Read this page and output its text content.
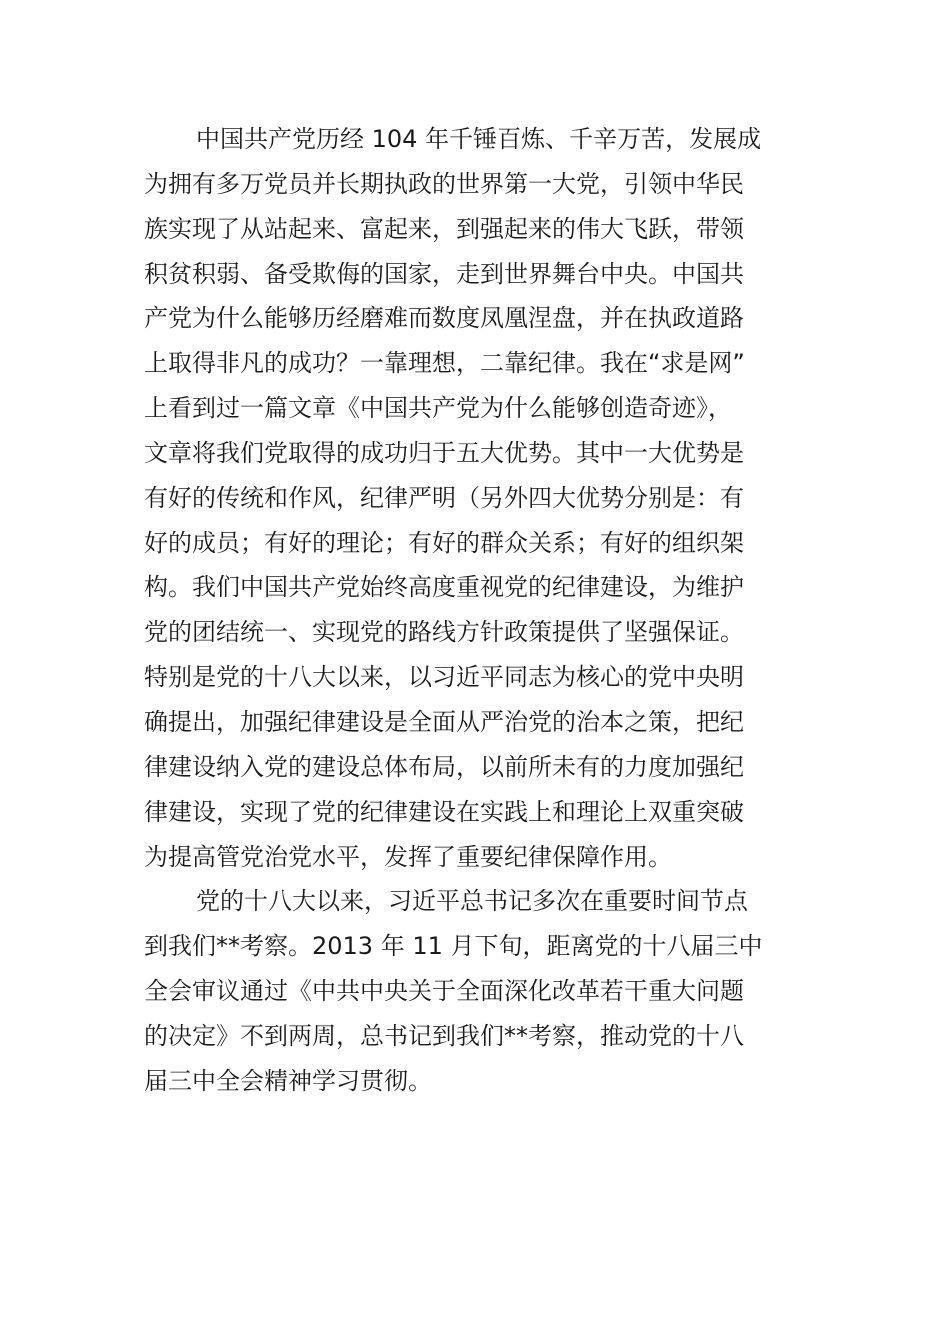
中国共产党历经 104 年千锤百炼、千辛万苦，发展成
为拥有多万党员并长期执政的世界第一大党，引领中华民
族实现了从站起来、富起来，到强起来的伟大飞跃，带领
积贫积弱、备受欺侮的国家，走到世界舞台中央。中国共
产党为什么能够历经磨难而数度凤凰涅盘，并在执政道路
上取得非凡的成功？一靠理想，二靠纪律。我在“求是网”
上看到过一篇文章《中国共产党为什么能够创造奇迹》，
文章将我们党取得的成功归于五大优势。其中一大优势是
有好的传统和作风，纪律严明（另外四大优势分别是：有
好的成员；有好的理论；有好的群众关系；有好的组织架
构。我们中国共产党始终高度重视党的纪律建设，为维护
党的团结统一、实现党的路线方针政策提供了坚强保证。
特别是党的十八大以来，以习近平同志为核心的党中央明
确提出，加强纪律建设是全面从严治党的治本之策，把纪
律建设纳入党的建设总体布局，以前所未有的力度加强纪
律建设，实现了党的纪律建设在实践上和理论上双重突破
为提高管党治党水平，发挥了重要纪律保障作用。
党的十八大以来，习近平总书记多次在重要时间节点
到我们**考察。2013 年 11 月下旬，距离党的十八届三中
全会审议通过《中共中央关于全面深化改革若干重大问题
的决定》不到两周，总书记到我们**考察，推动党的十八
届三中全会精神学习贯彻。
